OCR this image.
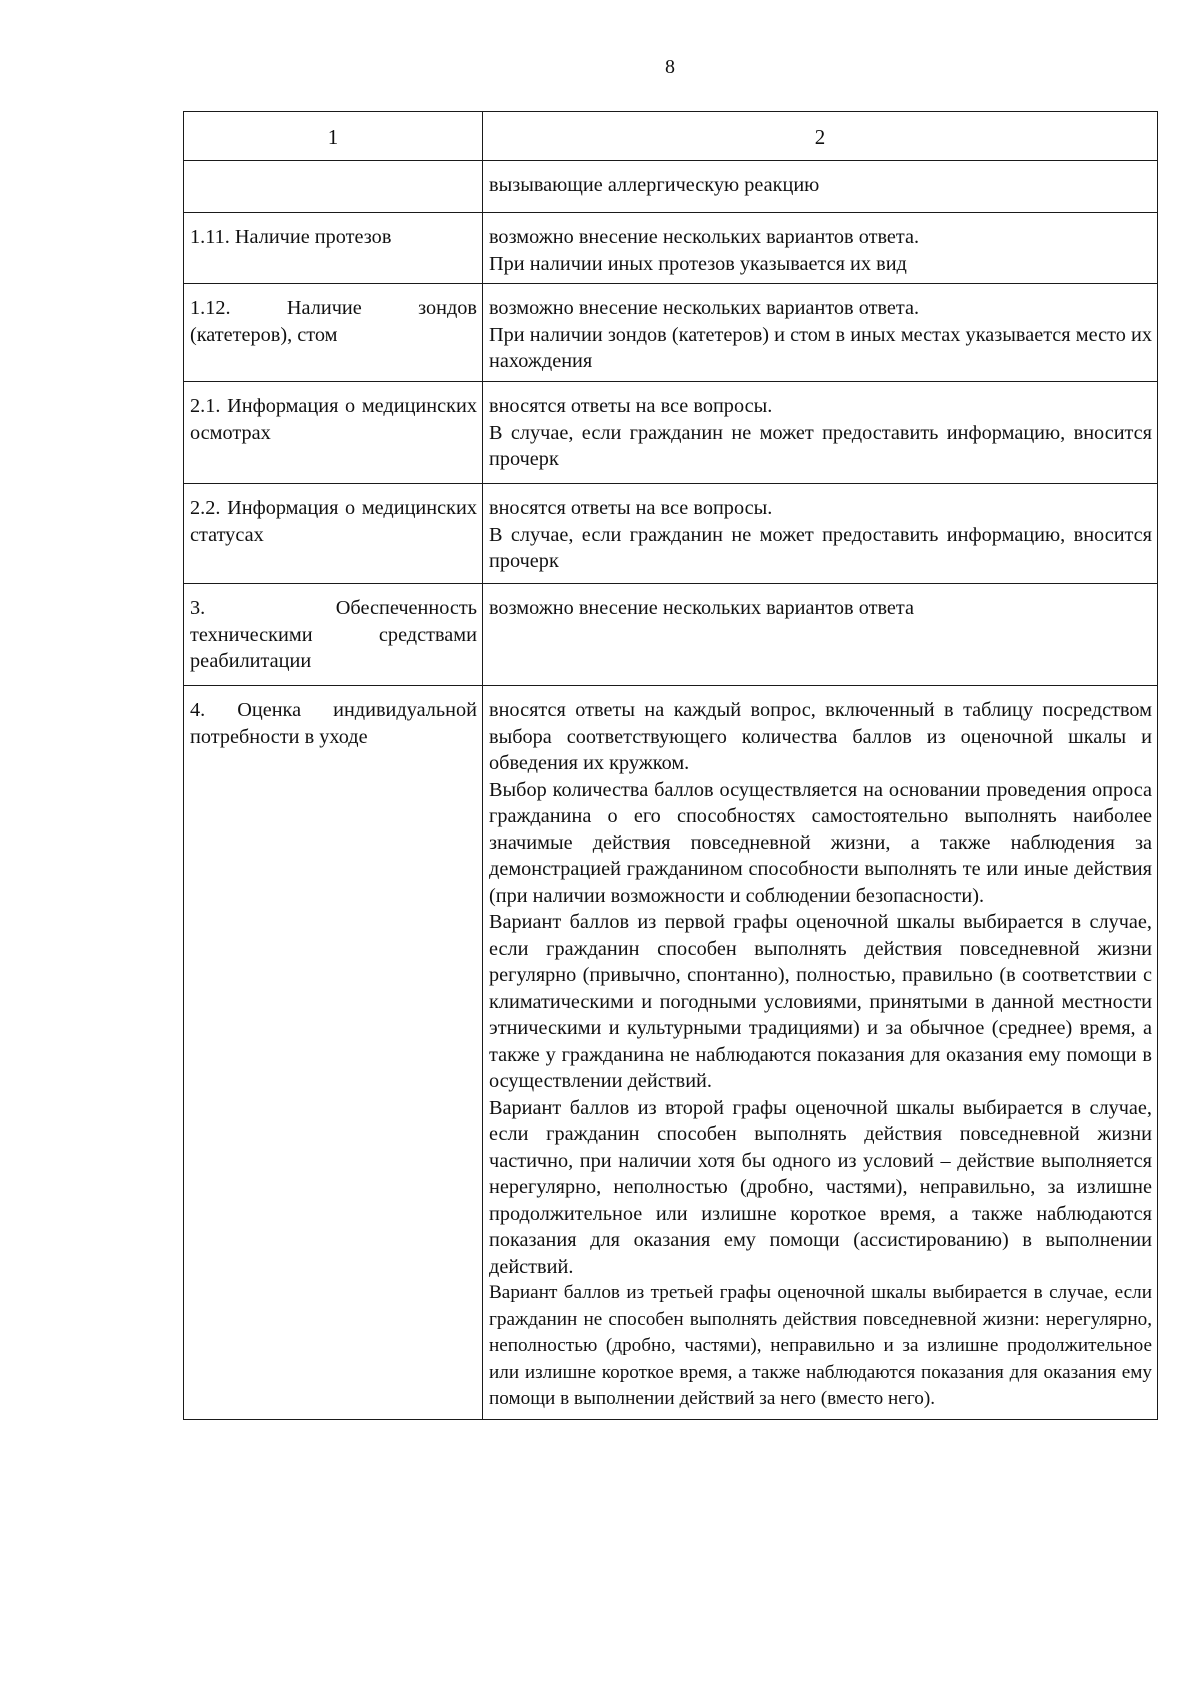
8
1	2

	вызывающие аллергическую реакцию

1.11. Наличие протезов	возможно внесение нескольких вариантов ответа.

При наличии иных протезов указывается их вид

1.12. Наличие зондов (катетеров), стом	возможно внесение нескольких вариантов ответа.

При наличии зондов (катетеров) и стом в иных местах указывается место их нахождения

2.1. Информация о медицинских осмотрах	вносятся ответы на все вопросы.

В случае, если гражданин не может предоставить информацию, вносится прочерк

2.2. Информация о медицинских статусах	вносятся ответы на все вопросы.

В случае, если гражданин не может предоставить информацию, вносится прочерк

3. Обеспеченность техническими средствами реабилитации	возможно внесение нескольких вариантов ответа

4. Оценка индивидуальной потребности в уходе	вносятся ответы на каждый вопрос, включенный в таблицу посредством выбора соответствующего количества баллов из оценочной шкалы и обведения их кружком.

Выбор количества баллов осуществляется на основании проведения опроса гражданина о его способностях самостоятельно выполнять наиболее значимые действия повседневной жизни, а также наблюдения за демонстрацией гражданином способности выполнять те или иные действия (при наличии возможности и соблюдении безопасности).

Вариант баллов из первой графы оценочной шкалы выбирается в случае, если гражданин способен выполнять действия повседневной жизни регулярно (привычно, спонтанно), полностью, правильно (в соответствии с климатическими и погодными условиями, принятыми в данной местности этническими и культурными традициями) и за обычное (среднее) время, а также у гражданина не наблюдаются показания для оказания ему помощи в осуществлении действий.

Вариант баллов из второй графы оценочной шкалы выбирается в случае, если гражданин способен выполнять действия повседневной жизни частично, при наличии хотя бы одного из условий – действие выполняется нерегулярно, неполностью (дробно, частями), неправильно, за излишне продолжительное или излишне короткое время, а также наблюдаются показания для оказания ему помощи (ассистированию) в выполнении действий.

Вариант баллов из третьей графы оценочной шкалы выбирается в случае, если гражданин не способен выполнять действия повседневной жизни: нерегулярно, неполностью (дробно, частями), неправильно и за излишне продолжительное или излишне короткое время, а также наблюдаются показания для оказания ему помощи в выполнении действий за него (вместо него).
